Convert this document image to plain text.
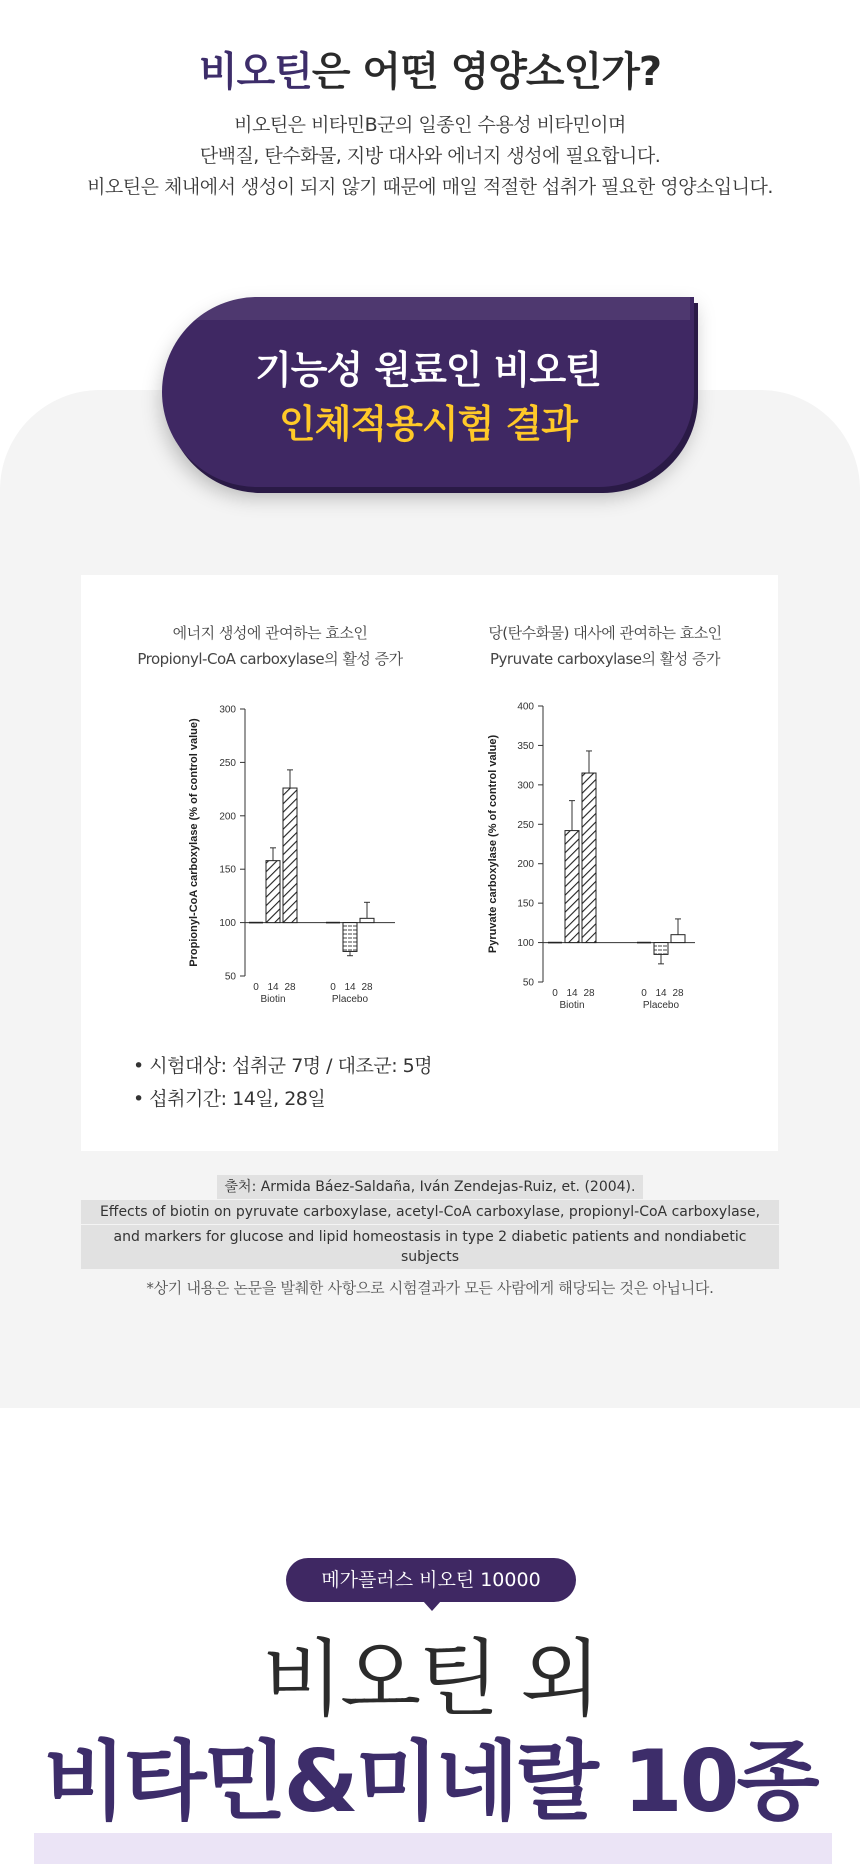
비오틴은 어떤 영양소인가?
비오틴은 비타민B군의 일종인 수용성 비타민이며
단백질, 탄수화물, 지방 대사와 에너지 생성에 필요합니다.
비오틴은 체내에서 생성이 되지 않기 때문에 매일 적절한 섭취가 필요한 영양소입니다.
기능성 원료인 비오틴
인체적용시험 결과
에너지 생성에 관여하는 효소인
Propionyl-CoA carboxylase의 활성 증가
당(탄수화물) 대사에 관여하는 효소인
Pyruvate carboxylase의 활성 증가
300
250
200
150
100
50
Propionyl-CoA carboxylase (% of control value)
0 14 28
Biotin
0 14 28
Placebo
400
350
300
250
200
150
100
50
Pyruvate carboxylase (% of control value)
0 14 28
Biotin
0 14 28
Placebo
• 시험대상: 섭취군 7명 / 대조군: 5명
• 섭취기간: 14일, 28일
출처: Armida Báez-Saldaña, Iván Zendejas-Ruiz, et. (2004).
Effects of biotin on pyruvate carboxylase, acetyl-CoA carboxylase, propionyl-CoA carboxylase,
and markers for glucose and lipid homeostasis in type 2 diabetic patients and nondiabetic subjects
*상기 내용은 논문을 발췌한 사항으로 시험결과가 모든 사람에게 해당되는 것은 아닙니다.
메가플러스 비오틴 10000
비오틴 외
비타민&미네랄 10종
